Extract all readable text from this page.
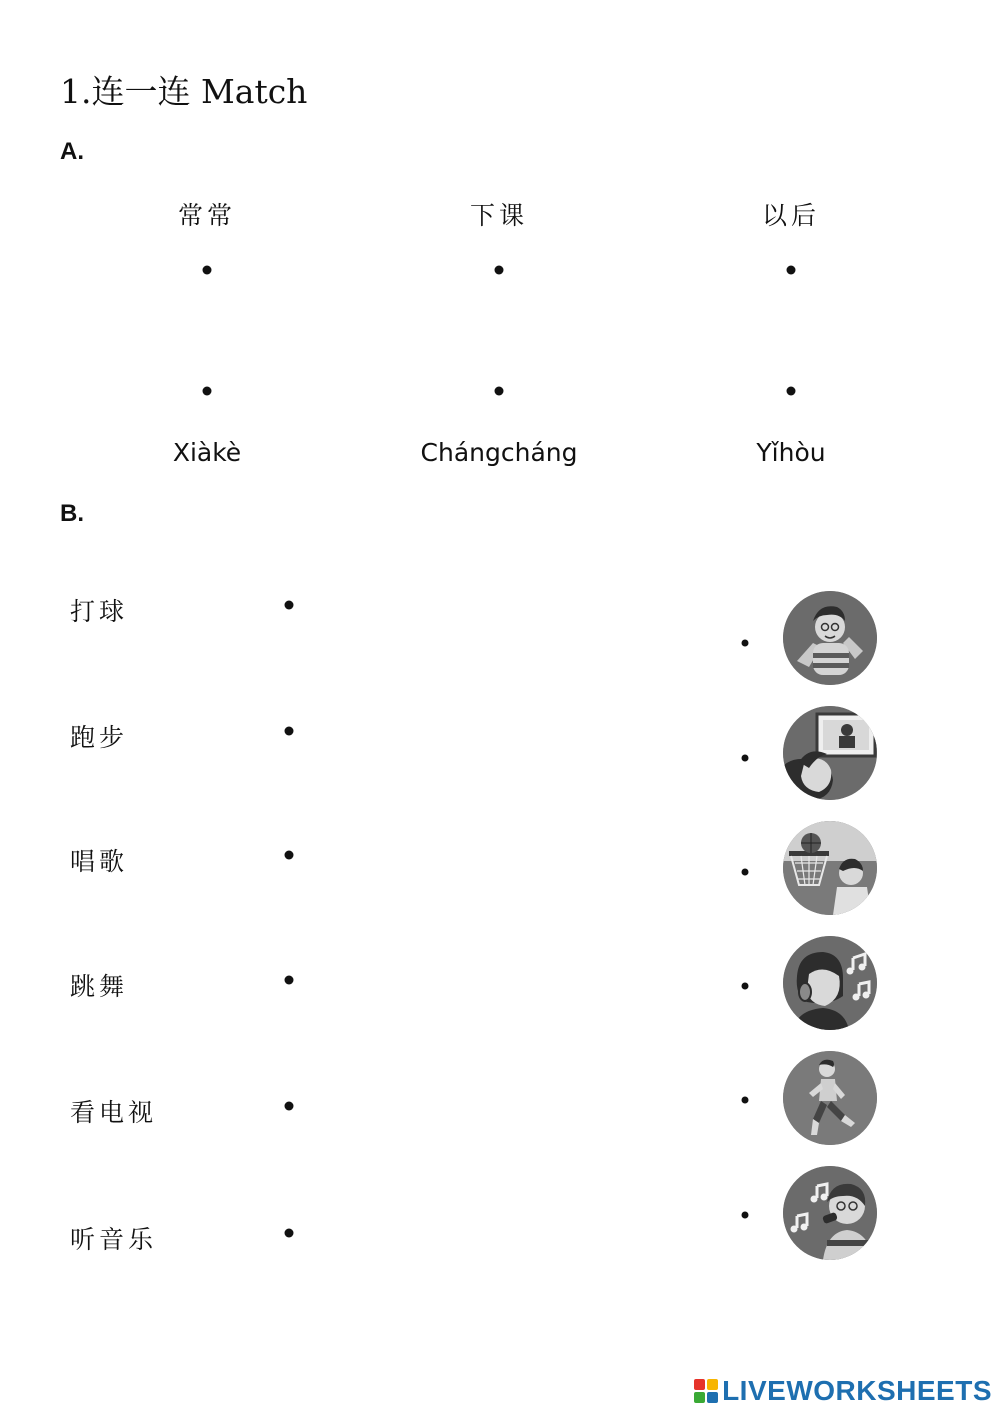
1.连一连 Match
A.
常常	下课	以后
Xiàkè	Chángcháng	Yǐhòu
B.
打球
跑步
唱歌
跳舞
看电视
听音乐
LIVEWORKSHEETS
